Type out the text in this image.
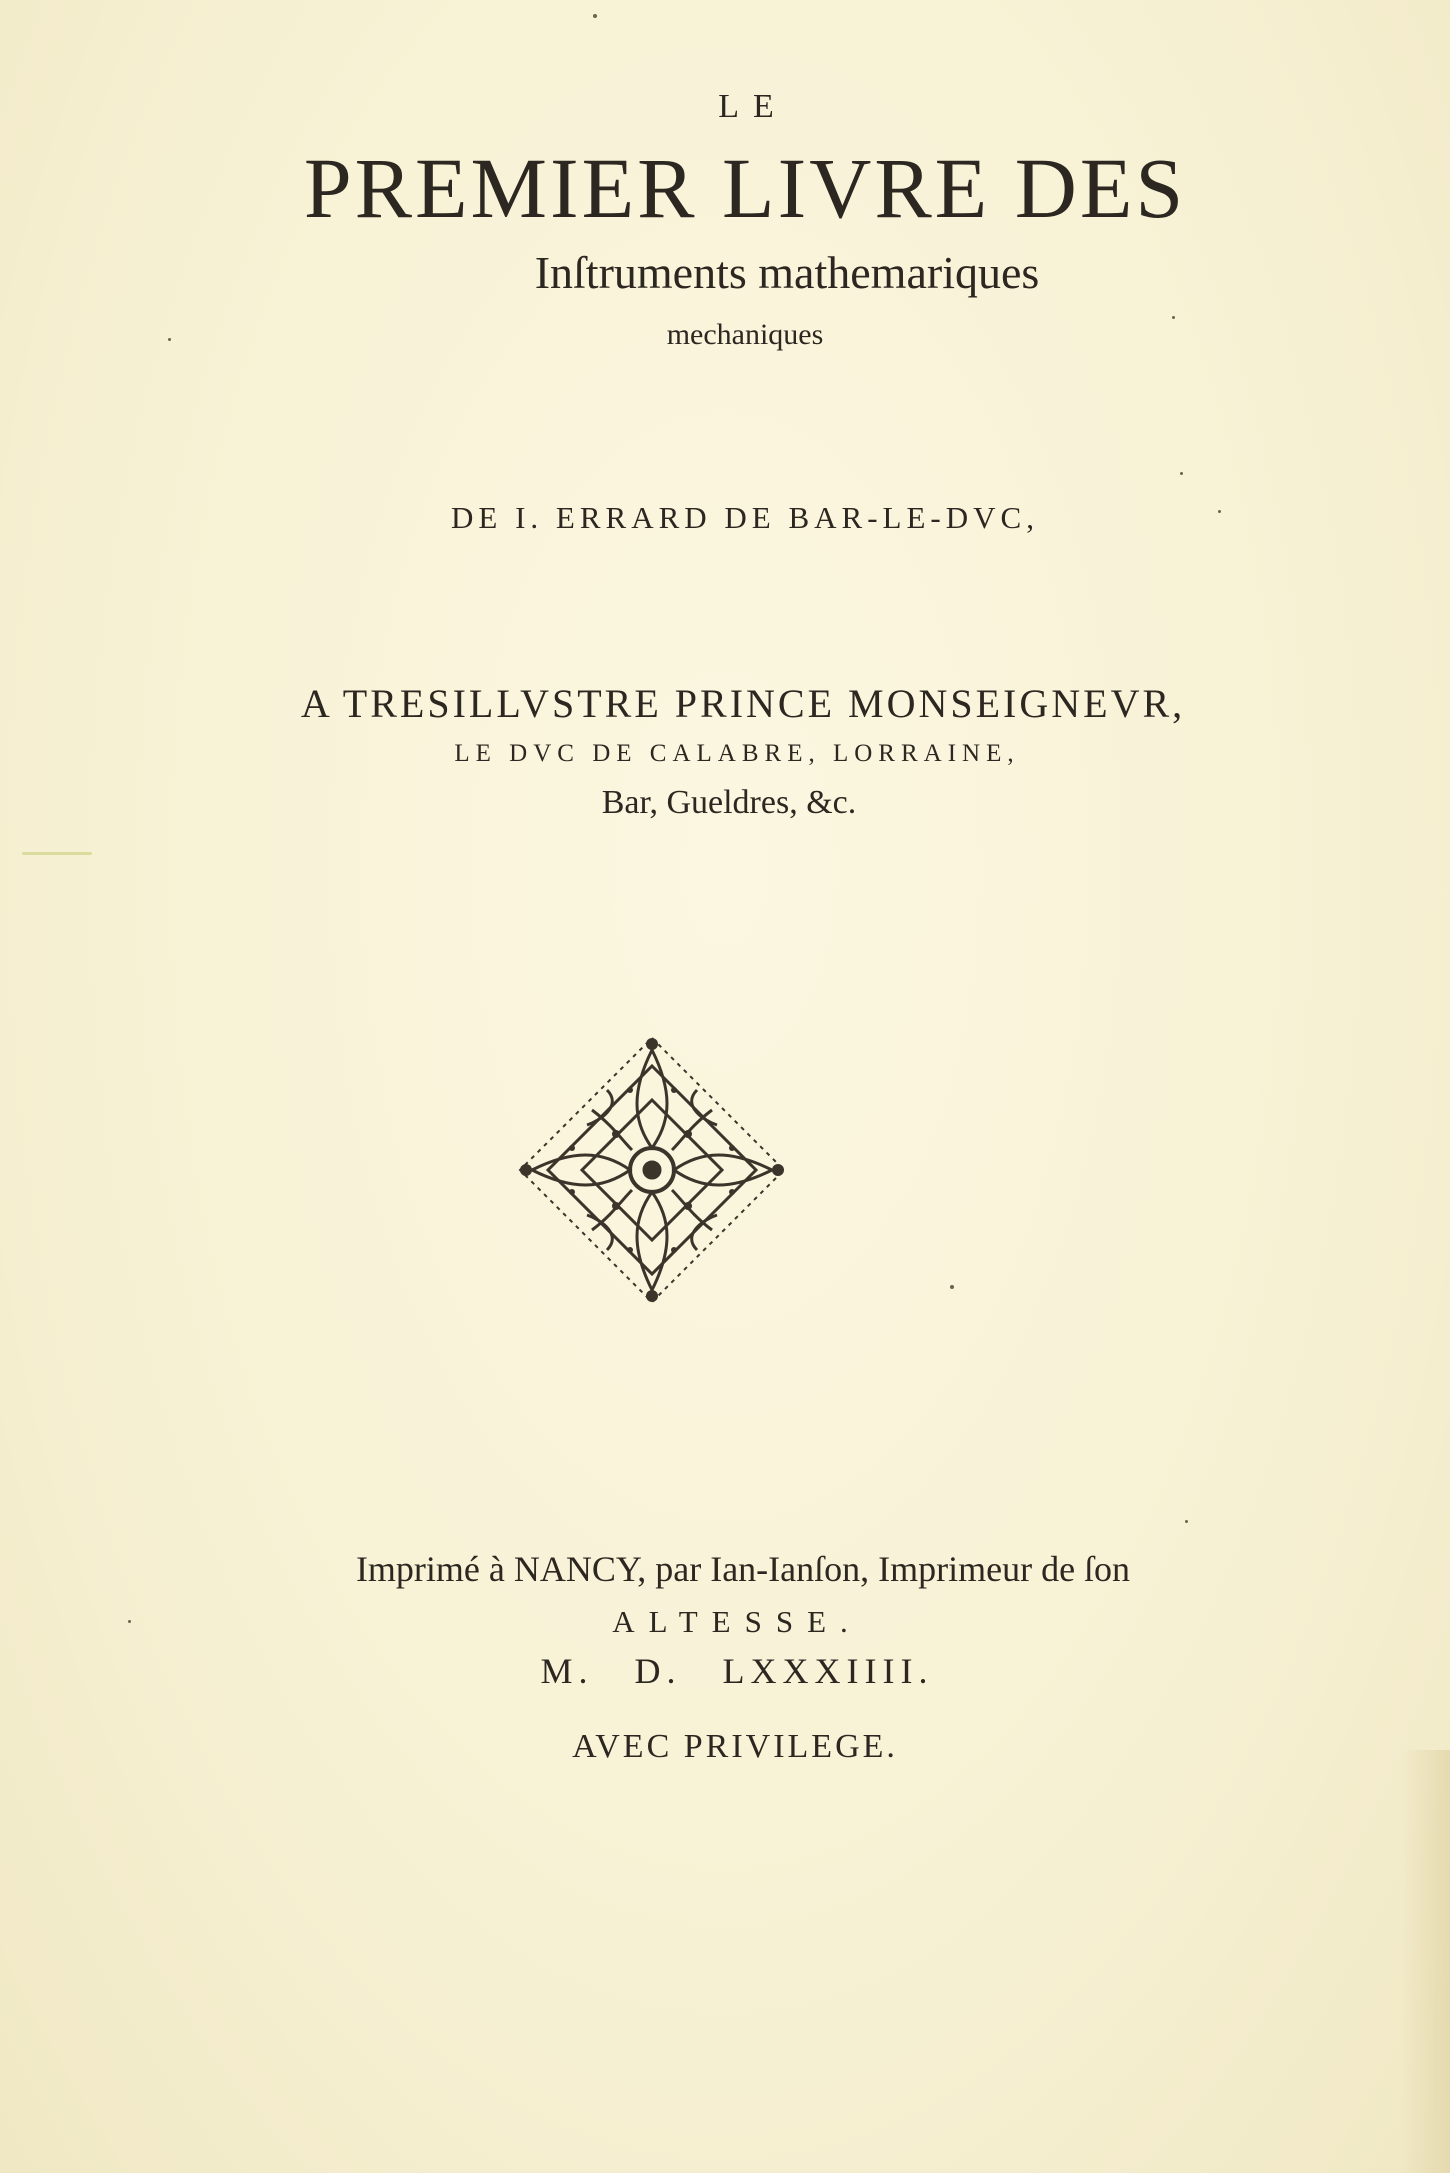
LE
PREMIER LIVRE DES
Inſtruments mathemariques
mechaniques
DE I. ERRARD DE BAR-LE-DVC,
A TRESILLVSTRE PRINCE MONSEIGNEVR,
LE DVC DE CALABRE, LORRAINE,
Bar, Gueldres, &c.
Imprimé à NANCY, par Ian-Ianſon, Imprimeur de ſon
ALTESSE.
M. D. LXXXIIII.
AVEC PRIVILEGE.
